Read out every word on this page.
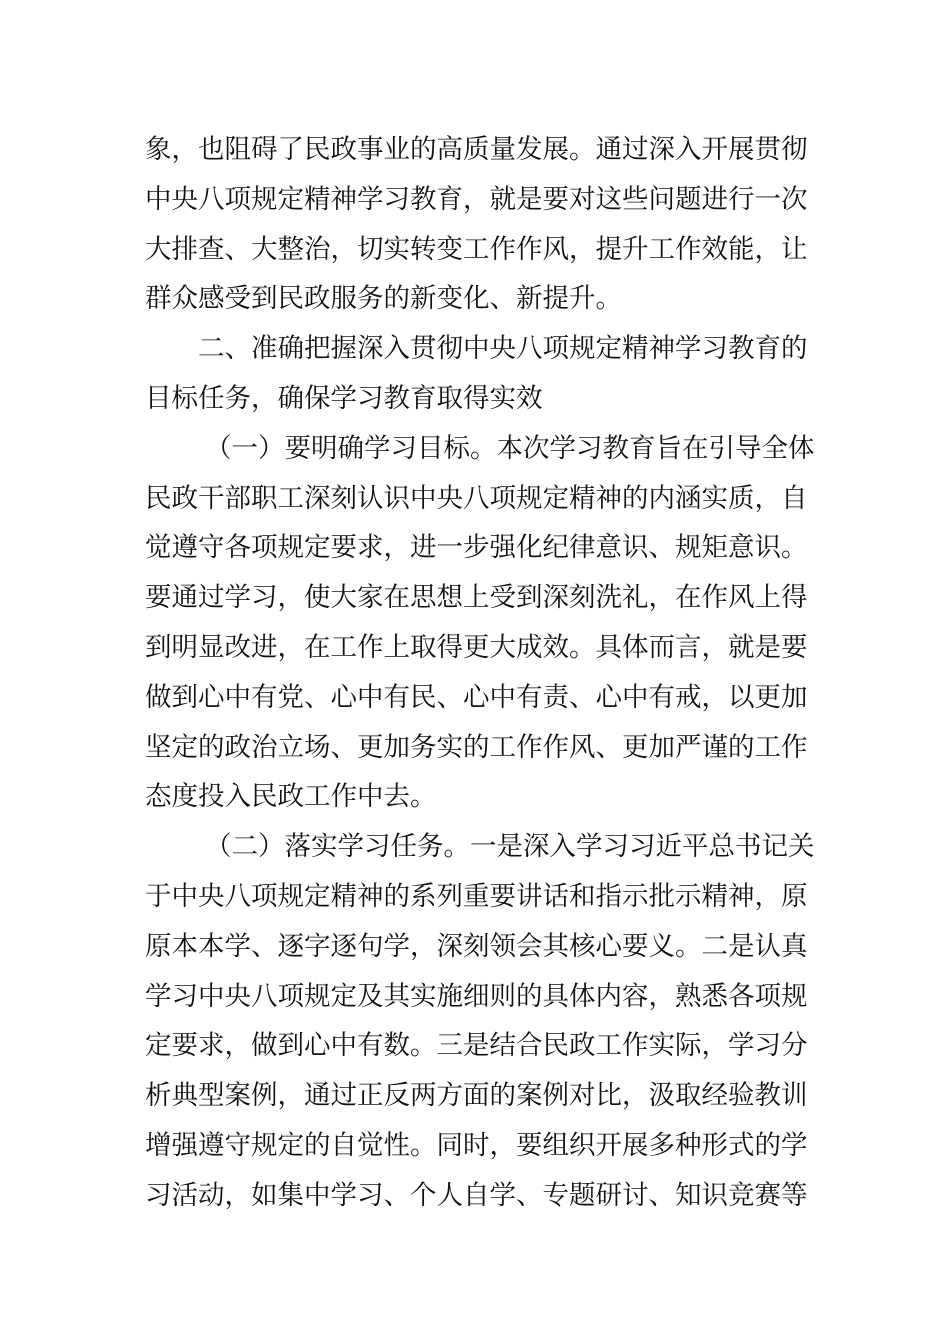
象，也阻碍了民政事业的高质量发展。通过深入开展贯彻
中央八项规定精神学习教育，就是要对这些问题进行一次
大排查、大整治，切实转变工作作风，提升工作效能，让
群众感受到民政服务的新变化、新提升。
二、准确把握深入贯彻中央八项规定精神学习教育的
目标任务，确保学习教育取得实效
（一）要明确学习目标。本次学习教育旨在引导全体
民政干部职工深刻认识中央八项规定精神的内涵实质，自
觉遵守各项规定要求，进一步强化纪律意识、规矩意识。
要通过学习，使大家在思想上受到深刻洗礼，在作风上得
到明显改进，在工作上取得更大成效。具体而言，就是要
做到心中有党、心中有民、心中有责、心中有戒，以更加
坚定的政治立场、更加务实的工作作风、更加严谨的工作
态度投入民政工作中去。
（二）落实学习任务。一是深入学习习近平总书记关
于中央八项规定精神的系列重要讲话和指示批示精神，原
原本本学、逐字逐句学，深刻领会其核心要义。二是认真
学习中央八项规定及其实施细则的具体内容，熟悉各项规
定要求，做到心中有数。三是结合民政工作实际，学习分
析典型案例，通过正反两方面的案例对比，汲取经验教训
增强遵守规定的自觉性。同时，要组织开展多种形式的学
习活动，如集中学习、个人自学、专题研讨、知识竞赛等
